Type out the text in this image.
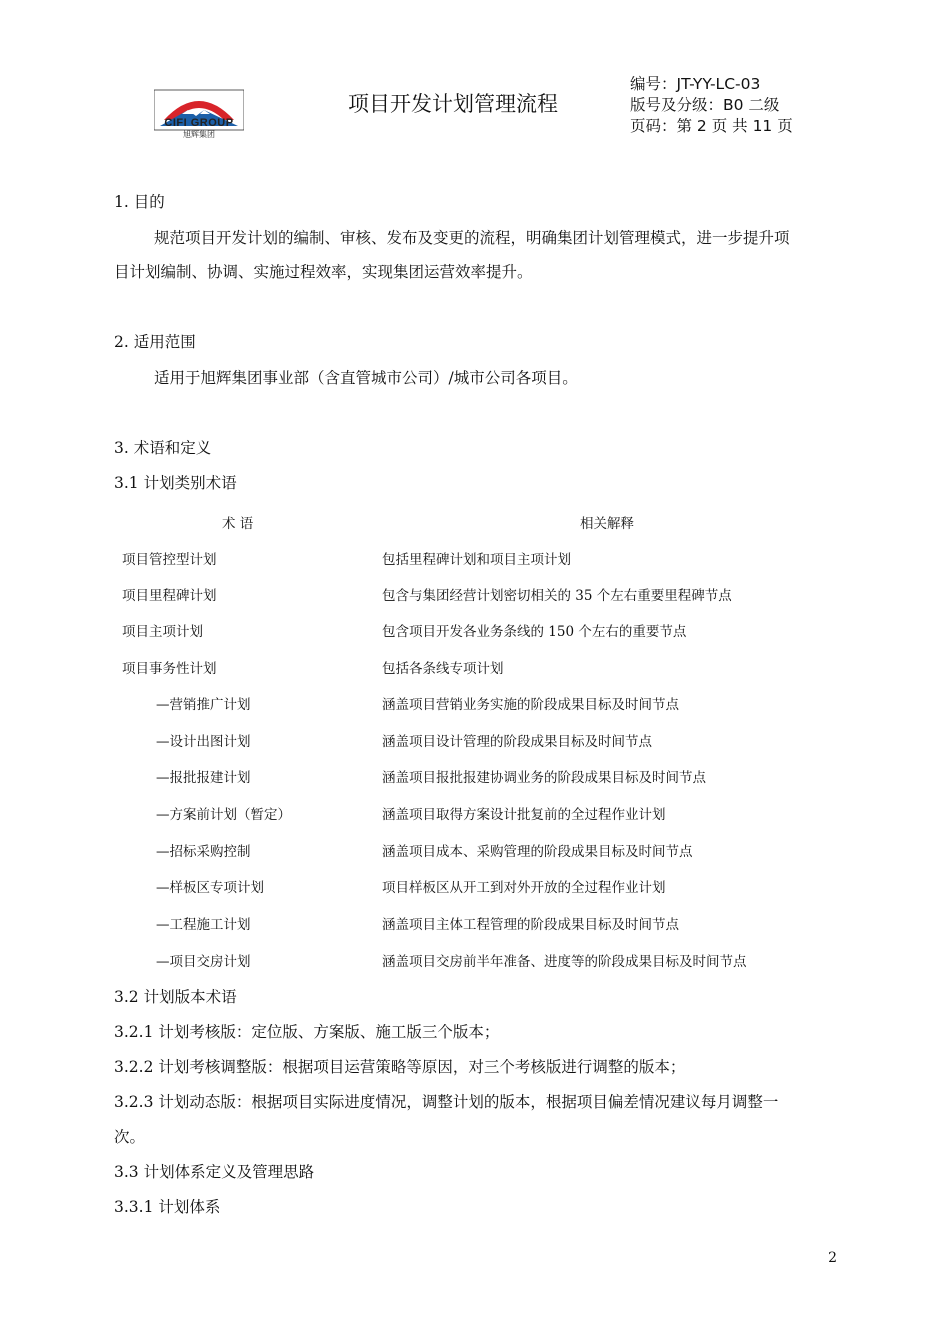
CIFI GROUP
旭辉集团
项目开发计划管理流程
编号：JT-YY-LC-03
版号及分级：B0 二级
页码：第 2 页 共 11 页
1. 目的
规范项目开发计划的编制、审核、发布及变更的流程，明确集团计划管理模式，进一步提升项
目计划编制、协调、实施过程效率，实现集团运营效率提升。
2. 适用范围
适用于旭辉集团事业部（含直管城市公司）/城市公司各项目。
3. 术语和定义
3.1 计划类别术语
术 语	相关解释
项目管控型计划	包括里程碑计划和项目主项计划
项目里程碑计划	包含与集团经营计划密切相关的 35 个左右重要里程碑节点
项目主项计划	包含项目开发各业务条线的 150 个左右的重要节点
项目事务性计划	包括各条线专项计划
—营销推广计划	涵盖项目营销业务实施的阶段成果目标及时间节点
—设计出图计划	涵盖项目设计管理的阶段成果目标及时间节点
—报批报建计划	涵盖项目报批报建协调业务的阶段成果目标及时间节点
—方案前计划（暂定）	涵盖项目取得方案设计批复前的全过程作业计划
—招标采购控制	涵盖项目成本、采购管理的阶段成果目标及时间节点
—样板区专项计划	项目样板区从开工到对外开放的全过程作业计划
—工程施工计划	涵盖项目主体工程管理的阶段成果目标及时间节点
—项目交房计划	涵盖项目交房前半年准备、进度等的阶段成果目标及时间节点
3.2 计划版本术语
3.2.1 计划考核版：定位版、方案版、施工版三个版本；
3.2.2 计划考核调整版：根据项目运营策略等原因，对三个考核版进行调整的版本；
3.2.3 计划动态版：根据项目实际进度情况，调整计划的版本，根据项目偏差情况建议每月调整一
次。
3.3 计划体系定义及管理思路
3.3.1 计划体系
2
